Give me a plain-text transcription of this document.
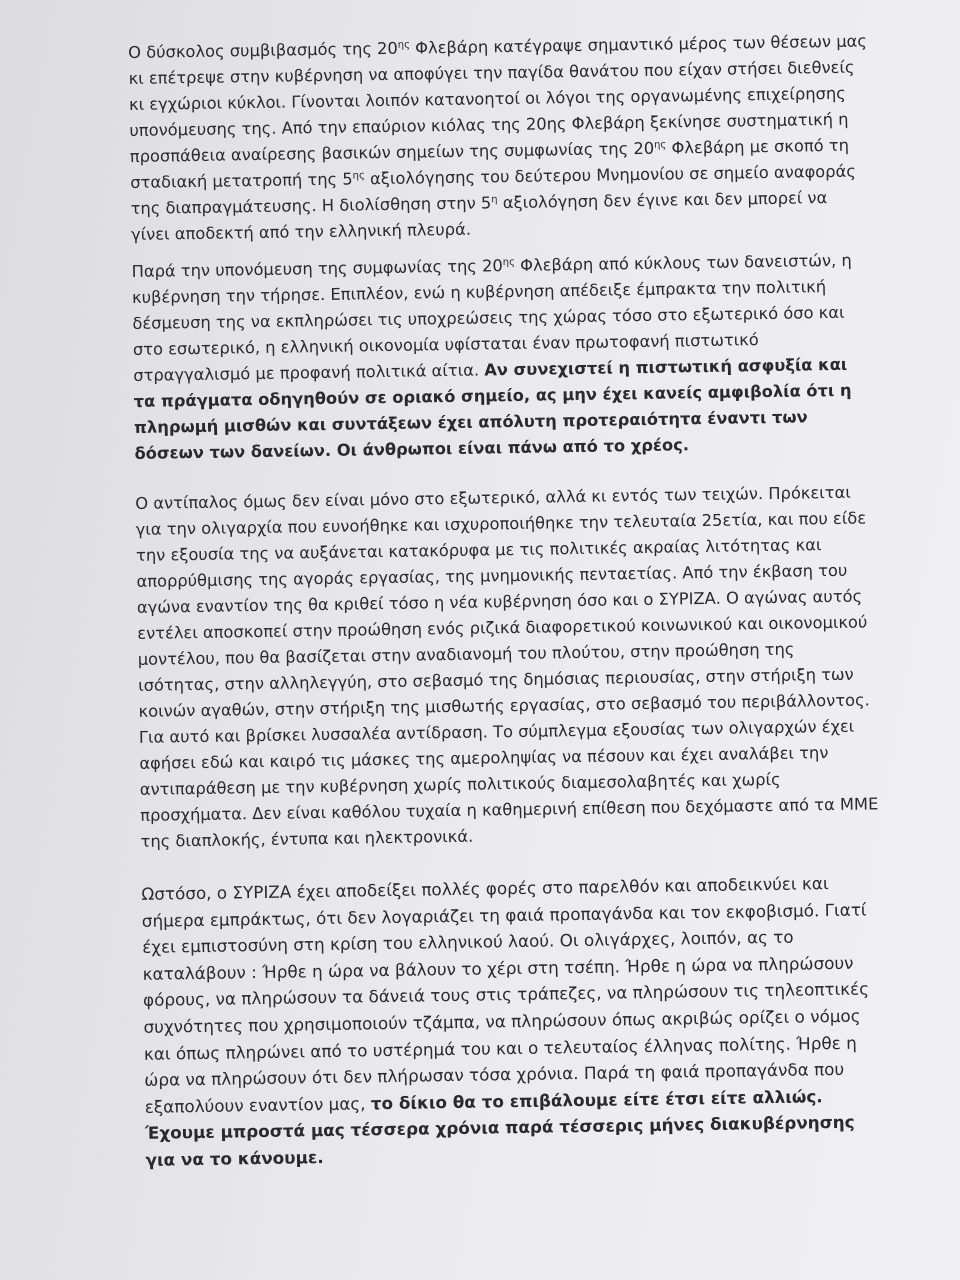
Ο δύσκολος συμβιβασμός της $20^{\eta\varsigma}$ Φλεβάρη κατέγραψε σημαντικό μέρος των θέσεων μας κι επέτρεψε στην κυβέρνηση να αποφύγει την παγίδα θανάτου που είχαν στήσει διεθνείς κι εγχώριοι κύκλοι. Γίνονται λοιπόν κατανοητοί οι λόγοι της οργανωμένης επιχείρησης υπονόμευσης της. Από την επαύριον κιόλας της 20ης Φλεβάρη ξεκίνησε συστηματική η προσπάθεια αναίρεσης βασικών σημείων της συμφωνίας της $20^{\eta\varsigma}$ Φλεβάρη με σκοπό τη σταδιακή μετατροπή της $5^{\eta\varsigma}$ αξιολόγησης του δεύτερου Μνημονίου σε σημείο αναφοράς της διαπραγμάτευσης. Η διολίσθηση στην $5^\eta$ αξιολόγηση δεν έγινε και δεν μπορεί να γίνει αποδεκτή από την ελληνική πλευρά.

Παρά την υπονόμευση της συμφωνίας της $20^{\eta\varsigma}$ Φλεβάρη από κύκλους των δανειστών, η κυβέρνηση την τήρησε. Επιπλέον, ενώ η κυβέρνηση απέδειξε έμπρακτα την πολιτική δέσμευση της να εκπληρώσει τις υποχρεώσεις της χώρας τόσο στο εξωτερικό όσο και στο εσωτερικό, η ελληνική οικονομία υφίσταται έναν πρωτοφανή πιστωτικό στραγγαλισμό με προφανή πολιτικά αίτια. Αν συνεχιστεί η πιστωτική ασφυξία και τα πράγματα οδηγηθούν σε οριακό σημείο, ας μην έχει κανείς αμφιβολία ότι η πληρωμή μισθών και συντάξεων έχει απόλυτη προτεραιότητα έναντι των δόσεων των δανείων. Οι άνθρωποι είναι πάνω από το χρέος.

Ο αντίπαλος όμως δεν είναι μόνο στο εξωτερικό, αλλά κι εντός των τειχών. Πρόκειται για την ολιγαρχία που ευνοήθηκε και ισχυροποιήθηκε την τελευταία 25ετία, και που είδε την εξουσία της να αυξάνεται κατακόρυφα με τις πολιτικές ακραίας λιτότητας και απορρύθμισης της αγοράς εργασίας, της μνημονικής πενταετίας. Από την έκβαση του αγώνα εναντίον της θα κριθεί τόσο η νέα κυβέρνηση όσο και ο ΣΥΡΙΖΑ. Ο αγώνας αυτός εντέλει αποσκοπεί στην προώθηση ενός ριζικά διαφορετικού κοινωνικού και οικονομικού μοντέλου, που θα βασίζεται στην αναδιανομή του πλούτου, στην προώθηση της ισότητας, στην αλληλεγγύη, στο σεβασμό της δημόσιας περιουσίας, στην στήριξη των κοινών αγαθών, στην στήριξη της μισθωτής εργασίας, στο σεβασμό του περιβάλλοντος. Για αυτό και βρίσκει λυσσαλέα αντίδραση. Το σύμπλεγμα εξουσίας των ολιγαρχών έχει αφήσει εδώ και καιρό τις μάσκες της αμεροληψίας να πέσουν και έχει αναλάβει την αντιπαράθεση με την κυβέρνηση χωρίς πολιτικούς διαμεσολαβητές και χωρίς προσχήματα. Δεν είναι καθόλου τυχαία η καθημερινή επίθεση που δεχόμαστε από τα ΜΜΕ της διαπλοκής, έντυπα και ηλεκτρονικά.

Ωστόσο, ο ΣΥΡΙΖΑ έχει αποδείξει πολλές φορές στο παρελθόν και αποδεικνύει και σήμερα εμπράκτως, ότι δεν λογαριάζει τη φαιά προπαγάνδα και τον εκφοβισμό. Γιατί έχει εμπιστοσύνη στη κρίση του ελληνικού λαού. Οι ολιγάρχες, λοιπόν, ας το καταλάβουν : Ήρθε η ώρα να βάλουν το χέρι στη τσέπη. Ήρθε η ώρα να πληρώσουν φόρους, να πληρώσουν τα δάνειά τους στις τράπεζες, να πληρώσουν τις τηλεοπτικές συχνότητες που χρησιμοποιούν τζάμπα, να πληρώσουν όπως ακριβώς ορίζει ο νόμος και όπως πληρώνει από το υστέρημά του και ο τελευταίος έλληνας πολίτης. Ήρθε η ώρα να πληρώσουν ότι δεν πλήρωσαν τόσα χρόνια. Παρά τη φαιά προπαγάνδα που εξαπολύουν εναντίον μας, το δίκιο θα το επιβάλουμε είτε έτσι είτε αλλιώς. Έχουμε μπροστά μας τέσσερα χρόνια παρά τέσσερις μήνες διακυβέρνησης για να το κάνουμε.
